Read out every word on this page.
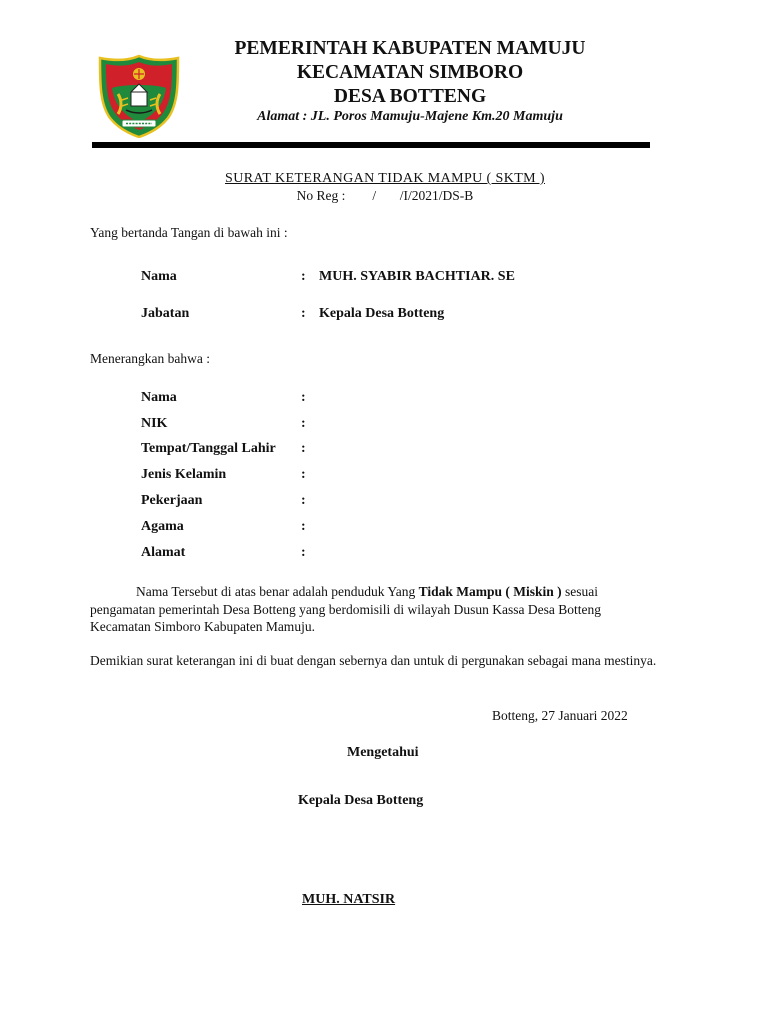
PEMERINTAH KABUPATEN MAMUJU
KECAMATAN SIMBORO
DESA BOTTENG
Alamat : JL. Poros Mamuju-Majene Km.20 Mamuju
SURAT KETERANGAN TIDAK MAMPU ( SKTM )
No Reg :        /       /I/2021/DS-B
Yang bertanda Tangan di bawah ini :
Nama	: MUH. SYABIR BACHTIAR. SE
Jabatan	: Kepala Desa Botteng
Menerangkan bahwa :
Nama	:
NIK	:
Tempat/Tanggal Lahir :
Jenis Kelamin	:
Pekerjaan	:
Agama	:
Alamat	:
Nama Tersebut di atas benar adalah penduduk Yang Tidak Mampu ( Miskin ) sesuai pengamatan pemerintah Desa Botteng yang berdomisili di wilayah Dusun Kassa Desa Botteng Kecamatan Simboro Kabupaten Mamuju.
Demikian surat keterangan ini di buat dengan sebernya dan untuk di pergunakan sebagai mana mestinya.
Botteng, 27 Januari 2022
Mengetahui
Kepala Desa Botteng
MUH. NATSIR
